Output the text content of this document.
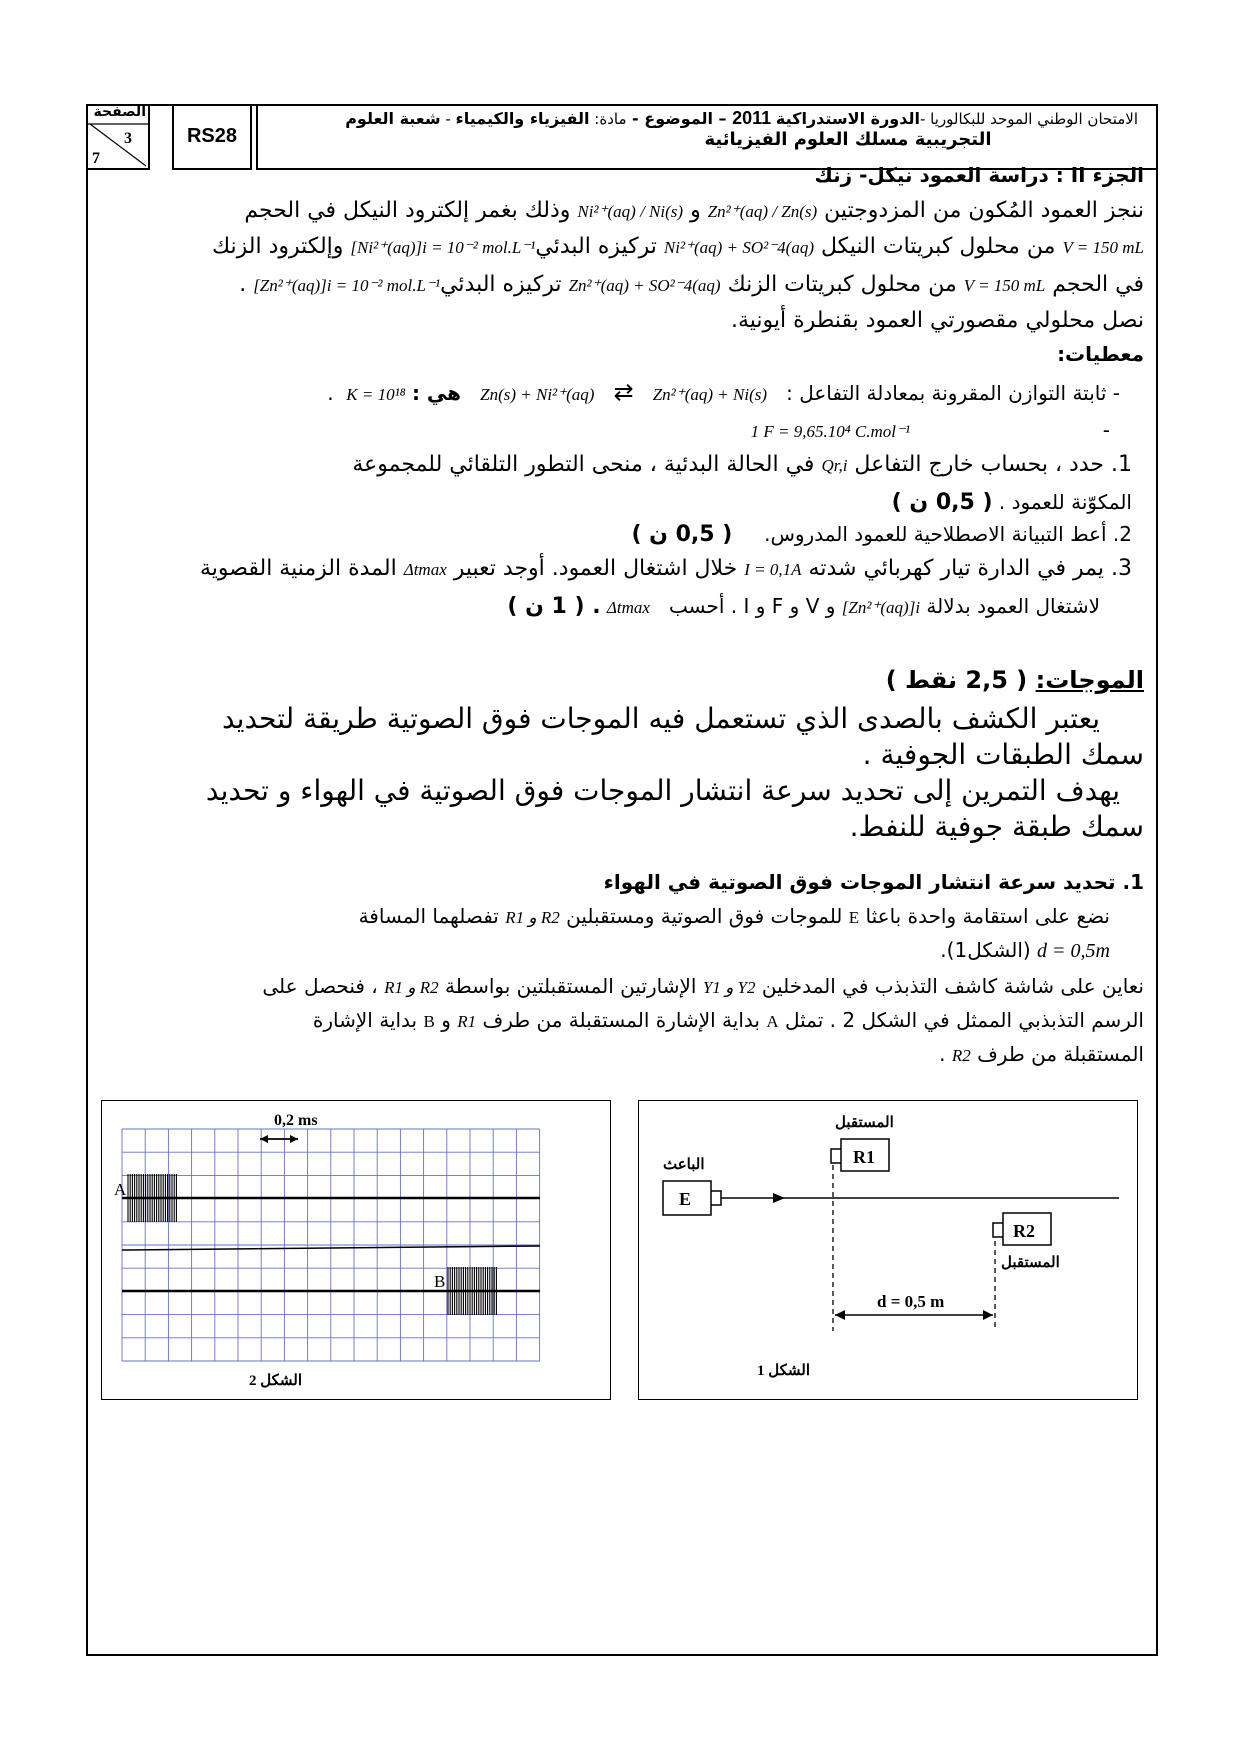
الصفحة
3
7
RS28
الامتحان الوطني الموحد للبكالوريا -الدورة الاستدراكية 2011 – الموضوع - مادة: الفيزياء والكيمياء - شعبة العلوم
التجريبية مسلك العلوم الفيزيائية
الجزء II : دراسة العمود نيكل- زنك
ننجز العمود المُكون من المزدوجتين Zn²⁺(aq) / Zn(s) و Ni²⁺(aq) / Ni(s) وذلك بغمر إلكترود النيكل في الحجم
V = 150 mL من محلول كبريتات النيكل Ni²⁺(aq) + SO²⁻4(aq) تركيزه البدئي[Ni²⁺(aq)]i = 10⁻² mol.L⁻¹ وإلكترود الزنك
في الحجم V = 150 mL من محلول كبريتات الزنك Zn²⁺(aq) + SO²⁻4(aq) تركيزه البدئي[Zn²⁺(aq)]i = 10⁻² mol.L⁻¹ .
نصل محلولي مقصورتي العمود بقنطرة أيونية.
معطيات:
- ثابتة التوازن المقرونة بمعادلة التفاعل :   Zn²⁺(aq) + Ni(s)   ⇄   Zn(s) + Ni²⁺(aq)   هي : K = 10¹⁸  .
-  1 F = 9,65.10⁴ C.mol⁻¹
1. حدد ، بحساب خارج التفاعل Qr,i في الحالة البدئية ، منحى التطور التلقائي للمجموعة
المكوّنة للعمود . ( 0,5 ن )
2. أعط التبيانة الاصطلاحية للعمود المدروس.     ( 0,5 ن )
3. يمر في الدارة تيار كهربائي شدته I = 0,1A خلال اشتغال العمود. أوجد تعبير Δtmax المدة الزمنية القصوية
لاشتغال العمود بدلالة [Zn²⁺(aq)]i و V و F و I . أحسب   Δtmax . ( 1 ن )
الموجات: ( 2,5 نقط )
يعتبر الكشف بالصدى الذي تستعمل فيه الموجات فوق الصوتية طريقة لتحديد
سمك الطبقات الجوفية .
يهدف التمرين إلى تحديد سرعة انتشار الموجات فوق الصوتية في الهواء و تحديد
سمك طبقة جوفية للنفط.
1. تحديد سرعة انتشار الموجات فوق الصوتية في الهواء
نضع على استقامة واحدة باعثا E للموجات فوق الصوتية ومستقبلين R1 و R2 تفصلهما المسافة
d = 0,5m (الشكل1).
نعاين على شاشة كاشف التذبذب في المدخلين Y1 و Y2 الإشارتين المستقبلتين بواسطة R1 و R2 ، فنحصل على
الرسم التذبذبي الممثل في الشكل 2 . تمثل A بداية الإشارة المستقبلة من طرف R1 و B بداية الإشارة
المستقبلة من طرف R2 .
0,2 ms
A
B
الشكل 2
E
الباعث	R1
المستقبل
R2
المستقبل
d = 0,5 m
الشكل 1
